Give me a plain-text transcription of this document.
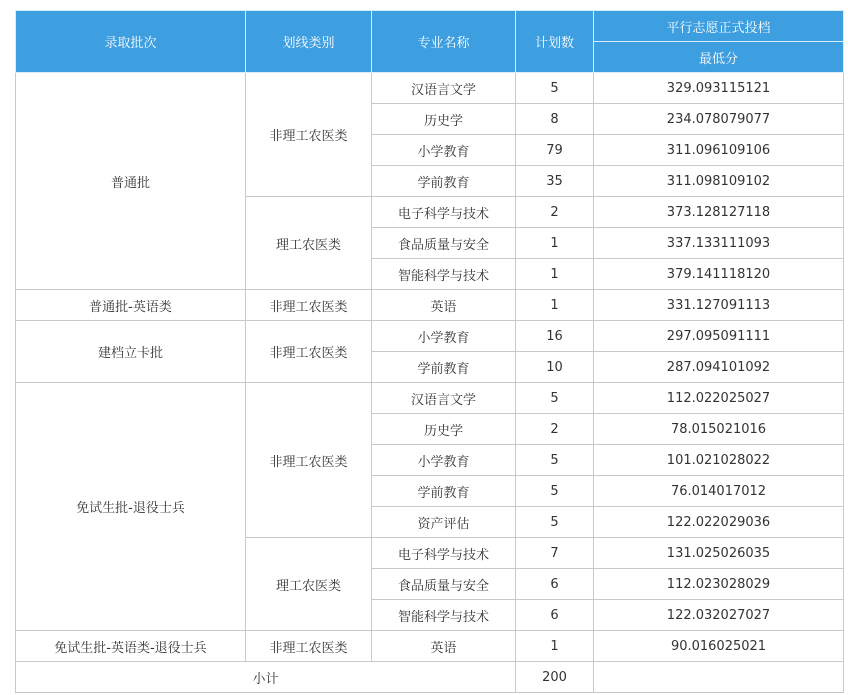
录取批次	划线类别	专业名称	计划数	平行志愿正式投档
				最低分
普通批	非理工农医类	汉语言文学	5	329.093115121
		历史学	8	234.078079077
		小学教育	79	311.096109106
		学前教育	35	311.098109102
	理工农医类	电子科学与技术	2	373.128127118
		食品质量与安全	1	337.133111093
		智能科学与技术	1	379.141118120
普通批-英语类	非理工农医类	英语	1	331.127091113
建档立卡批	非理工农医类	小学教育	16	297.095091111
		学前教育	10	287.094101092
免试生批-退役士兵	非理工农医类	汉语言文学	5	112.022025027
		历史学	2	78.015021016
		小学教育	5	101.021028022
		学前教育	5	76.014017012
		资产评估	5	122.022029036
	理工农医类	电子科学与技术	7	131.025026035
		食品质量与安全	6	112.023028029
		智能科学与技术	6	122.032027027
免试生批-英语类-退役士兵	非理工农医类	英语	1	90.016025021
小计			200	
